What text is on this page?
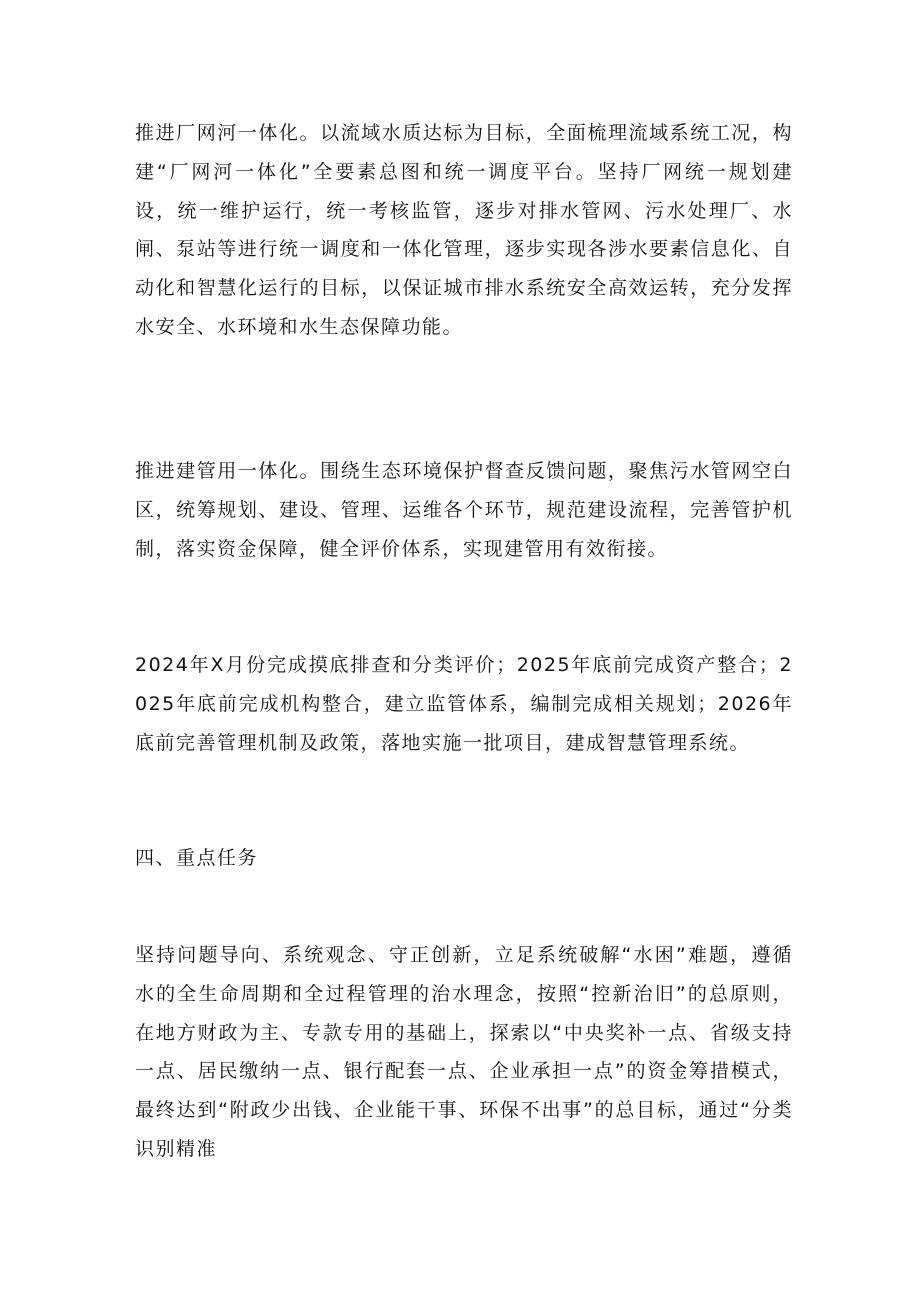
推进厂网河一体化。以流域水质达标为目标，全面梳理流域系统工况，构建“厂网河一体化”全要素总图和统一调度平台。坚持厂网统一规划建设，统一维护运行，统一考核监管，逐步对排水管网、污水处理厂、水闸、泵站等进行统一调度和一体化管理，逐步实现各涉水要素信息化、自动化和智慧化运行的目标，以保证城市排水系统安全高效运转，充分发挥水安全、水环境和水生态保障功能。

推进建管用一体化。围绕生态环境保护督查反馈问题，聚焦污水管网空白区，统筹规划、建设、管理、运维各个环节，规范建设流程，完善管护机制，落实资金保障，健全评价体系，实现建管用有效衔接。

2024年X月份完成摸底排查和分类评价；2025年底前完成资产整合；2025年底前完成机构整合，建立监管体系，编制完成相关规划；2026年底前完善管理机制及政策，落地实施一批项目，建成智慧管理系统。

四、重点任务

坚持问题导向、系统观念、守正创新，立足系统破解“水困”难题，遵循水的全生命周期和全过程管理的治水理念，按照“控新治旧”的总原则，在地方财政为主、专款专用的基础上，探索以“中央奖补一点、省级支持一点、居民缴纳一点、银行配套一点、企业承担一点”的资金筹措模式，最终达到“附政少出钱、企业能干事、环保不出事”的总目标，通过“分类识别精准
